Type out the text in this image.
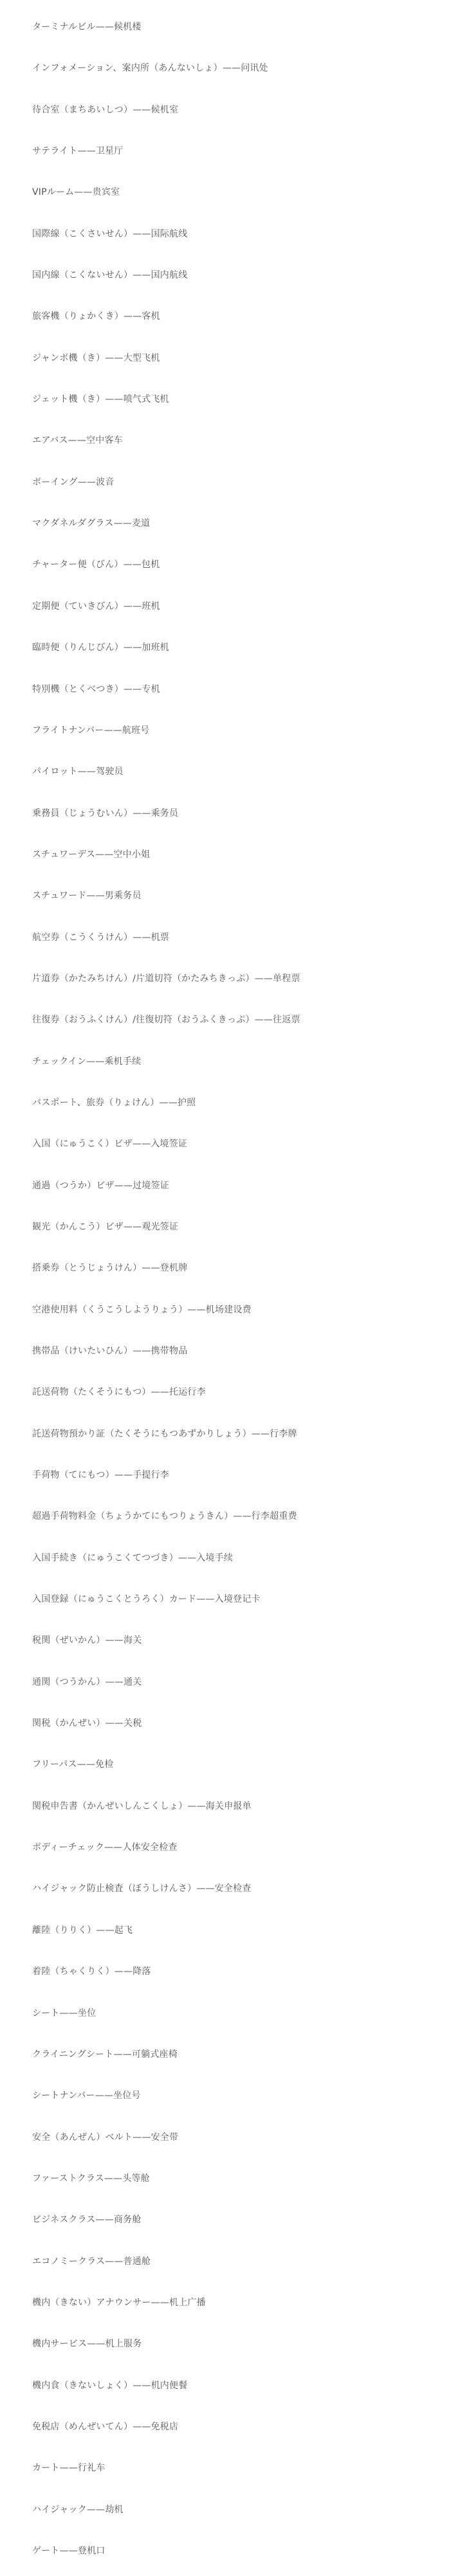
ターミナルビル——候机楼
インフォメーション、案内所（あんないしょ）——问讯处
待合室（まちあいしつ）——候机室
サテライト——卫星厅
VIPルーム——贵宾室
国際線（こくさいせん）——国际航线
国内線（こくないせん）——国内航线
旅客機（りょかくき）——客机
ジャンボ機（き）——大型飞机
ジェット機（き）——喷气式飞机
エアバス——空中客车
ボーイング——波音
マクダネルダグラス——麦道
チャーター便（びん）——包机
定期便（ていきびん）——班机
臨時便（りんじびん）——加班机
特別機（とくべつき）——专机
フライトナンバー——航班号
パイロット——驾驶员
乗務員（じょうむいん）——乘务员
スチュワーデス——空中小姐
スチュワード——男乘务员
航空券（こうくうけん）——机票
片道券（かたみちけん）/片道切符（かたみちきっぷ）——单程票
往復券（おうふくけん）/往復切符（おうふくきっぷ）——往返票
チェックイン——乘机手续
パスポート、旅券（りょけん）——护照
入国（にゅうこく）ビザ——入境签证
通過（つうか）ビザ——过境签证
観光（かんこう）ビザ——观光签证
搭乗券（とうじょうけん）——登机牌
空港使用料（くうこうしようりょう）——机场建设费
携帯品（けいたいひん）——携带物品
託送荷物（たくそうにもつ）——托运行李
託送荷物預かり証（たくそうにもつあずかりしょう）——行李牌
手荷物（てにもつ）——手提行李
超過手荷物料金（ちょうかてにもつりょうきん）——行李超重费
入国手続き（にゅうこくてつづき）——入境手续
入国登録（にゅうこくとうろく）カード——入境登记卡
税関（ぜいかん）——海关
通関（つうかん）——通关
関税（かんぜい）——关税
フリーパス——免检
関税申告書（かんぜいしんこくしょ）——海关申报单
ボディーチェック——人体安全检查
ハイジャック防止検査（ぼうしけんさ）——安全检查
離陸（りりく）——起飞
着陸（ちゃくりく）——降落
シート——坐位
クライニングシート——可躺式座椅
シートナンバー——坐位号
安全（あんぜん）ベルト——安全带
ファーストクラス——头等舱
ビジネスクラス——商务舱
エコノミークラス——普通舱
機内（きない）アナウンサー——机上广播
機内サービス——机上服务
機内食（きないしょく）——机内便餐
免税店（めんぜいてん）——免税店
カート——行礼车
ハイジャック——劫机
ゲート——登机口
